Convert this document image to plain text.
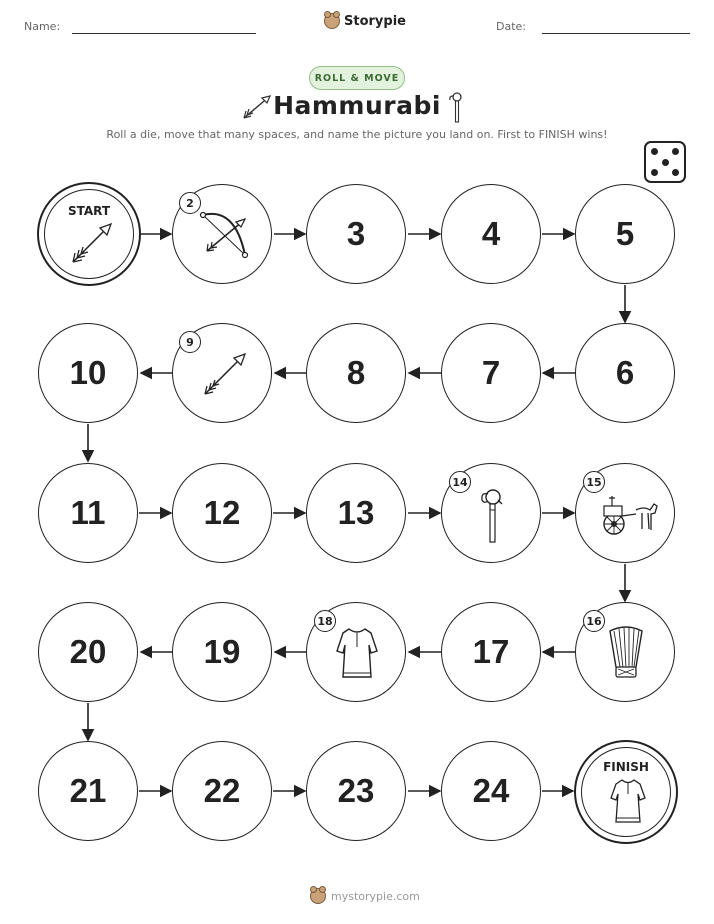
Name:	Storypie	Date:
ROLL & MOVE
Hammurabi
Roll a die, move that many spaces, and name the picture you land on. First to FINISH wins!
START
2
3	4	5
10
9
8	7	6
11	12	13
14	15
20	19
18
17
16
21	22	23	24
FINISH
mystorypie.com
